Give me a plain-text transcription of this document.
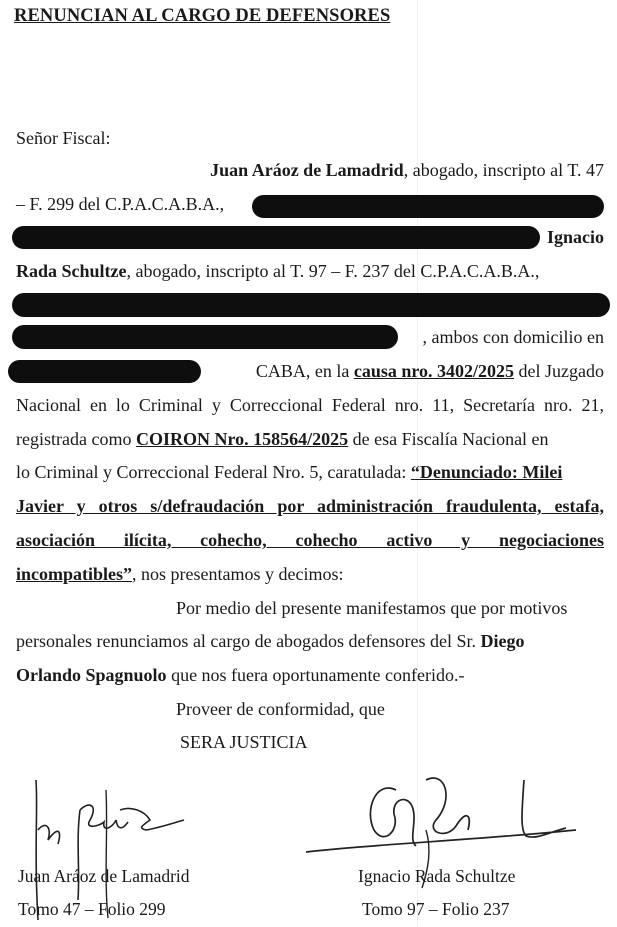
RENUNCIAN AL CARGO DE DEFENSORES
Señor Fiscal:
Juan Aráoz de Lamadrid, abogado, inscripto al T. 47
– F. 299 del C.P.A.C.A.B.A.,
Ignacio
Rada Schultze, abogado, inscripto al T. 97 – F. 237 del C.P.A.C.A.B.A.,
, ambos con domicilio en
CABA, en la causa nro. 3402/2025 del Juzgado
Nacional en lo Criminal y Correccional Federal nro. 11, Secretaría nro. 21,
registrada como COIRON Nro. 158564/2025 de esa Fiscalía Nacional en
lo Criminal y Correccional Federal Nro. 5, caratulada: “Denunciado: Milei
Javier y otros s/defraudación por administración fraudulenta, estafa,
asociación ilícita, cohecho, cohecho activo y negociaciones
incompatibles”, nos presentamos y decimos:
Por medio del presente manifestamos que por motivos
personales renunciamos al cargo de abogados defensores del Sr. Diego
Orlando Spagnuolo que nos fuera oportunamente conferido.-
Proveer de conformidad, que
SERA JUSTICIA
Juan Aráoz de Lamadrid
Tomo 47 – Folio 299
Ignacio Rada Schultze
Tomo 97 – Folio 237
